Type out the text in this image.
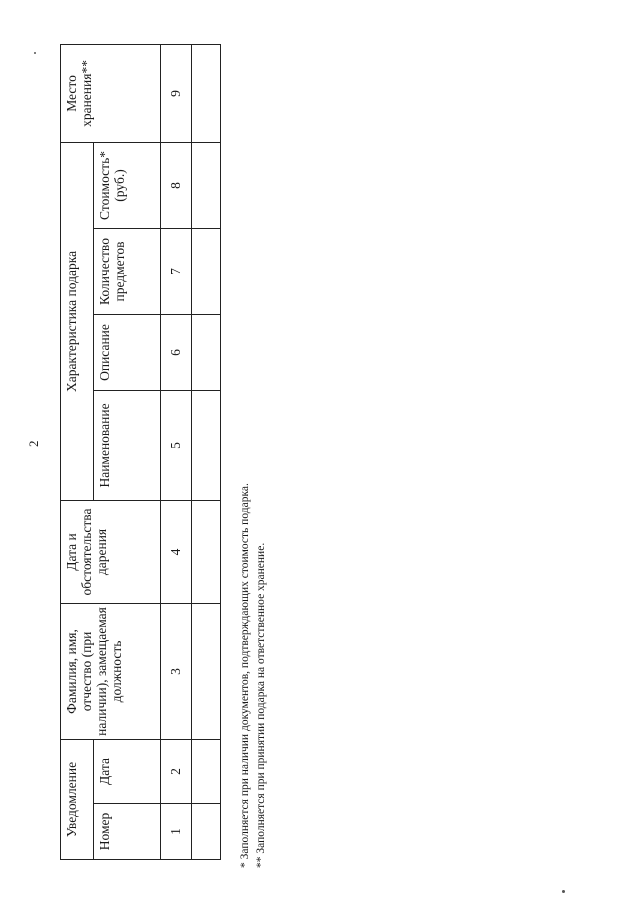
2
Уведомление		Фамилия, имя, отчество (при наличии), замещаемая должность	Дата и обстоятельства дарения	Характеристика подарка				Место хранения**
Номер	Дата			Наименование	Описание	Количество предметов	Стоимость* (руб.)	
1	2	3	4	5	6	7	8	9

* Заполняется при наличии документов, подтверждающих стоимость подарка. ** Заполняется при принятии подарка на ответственное хранение.
